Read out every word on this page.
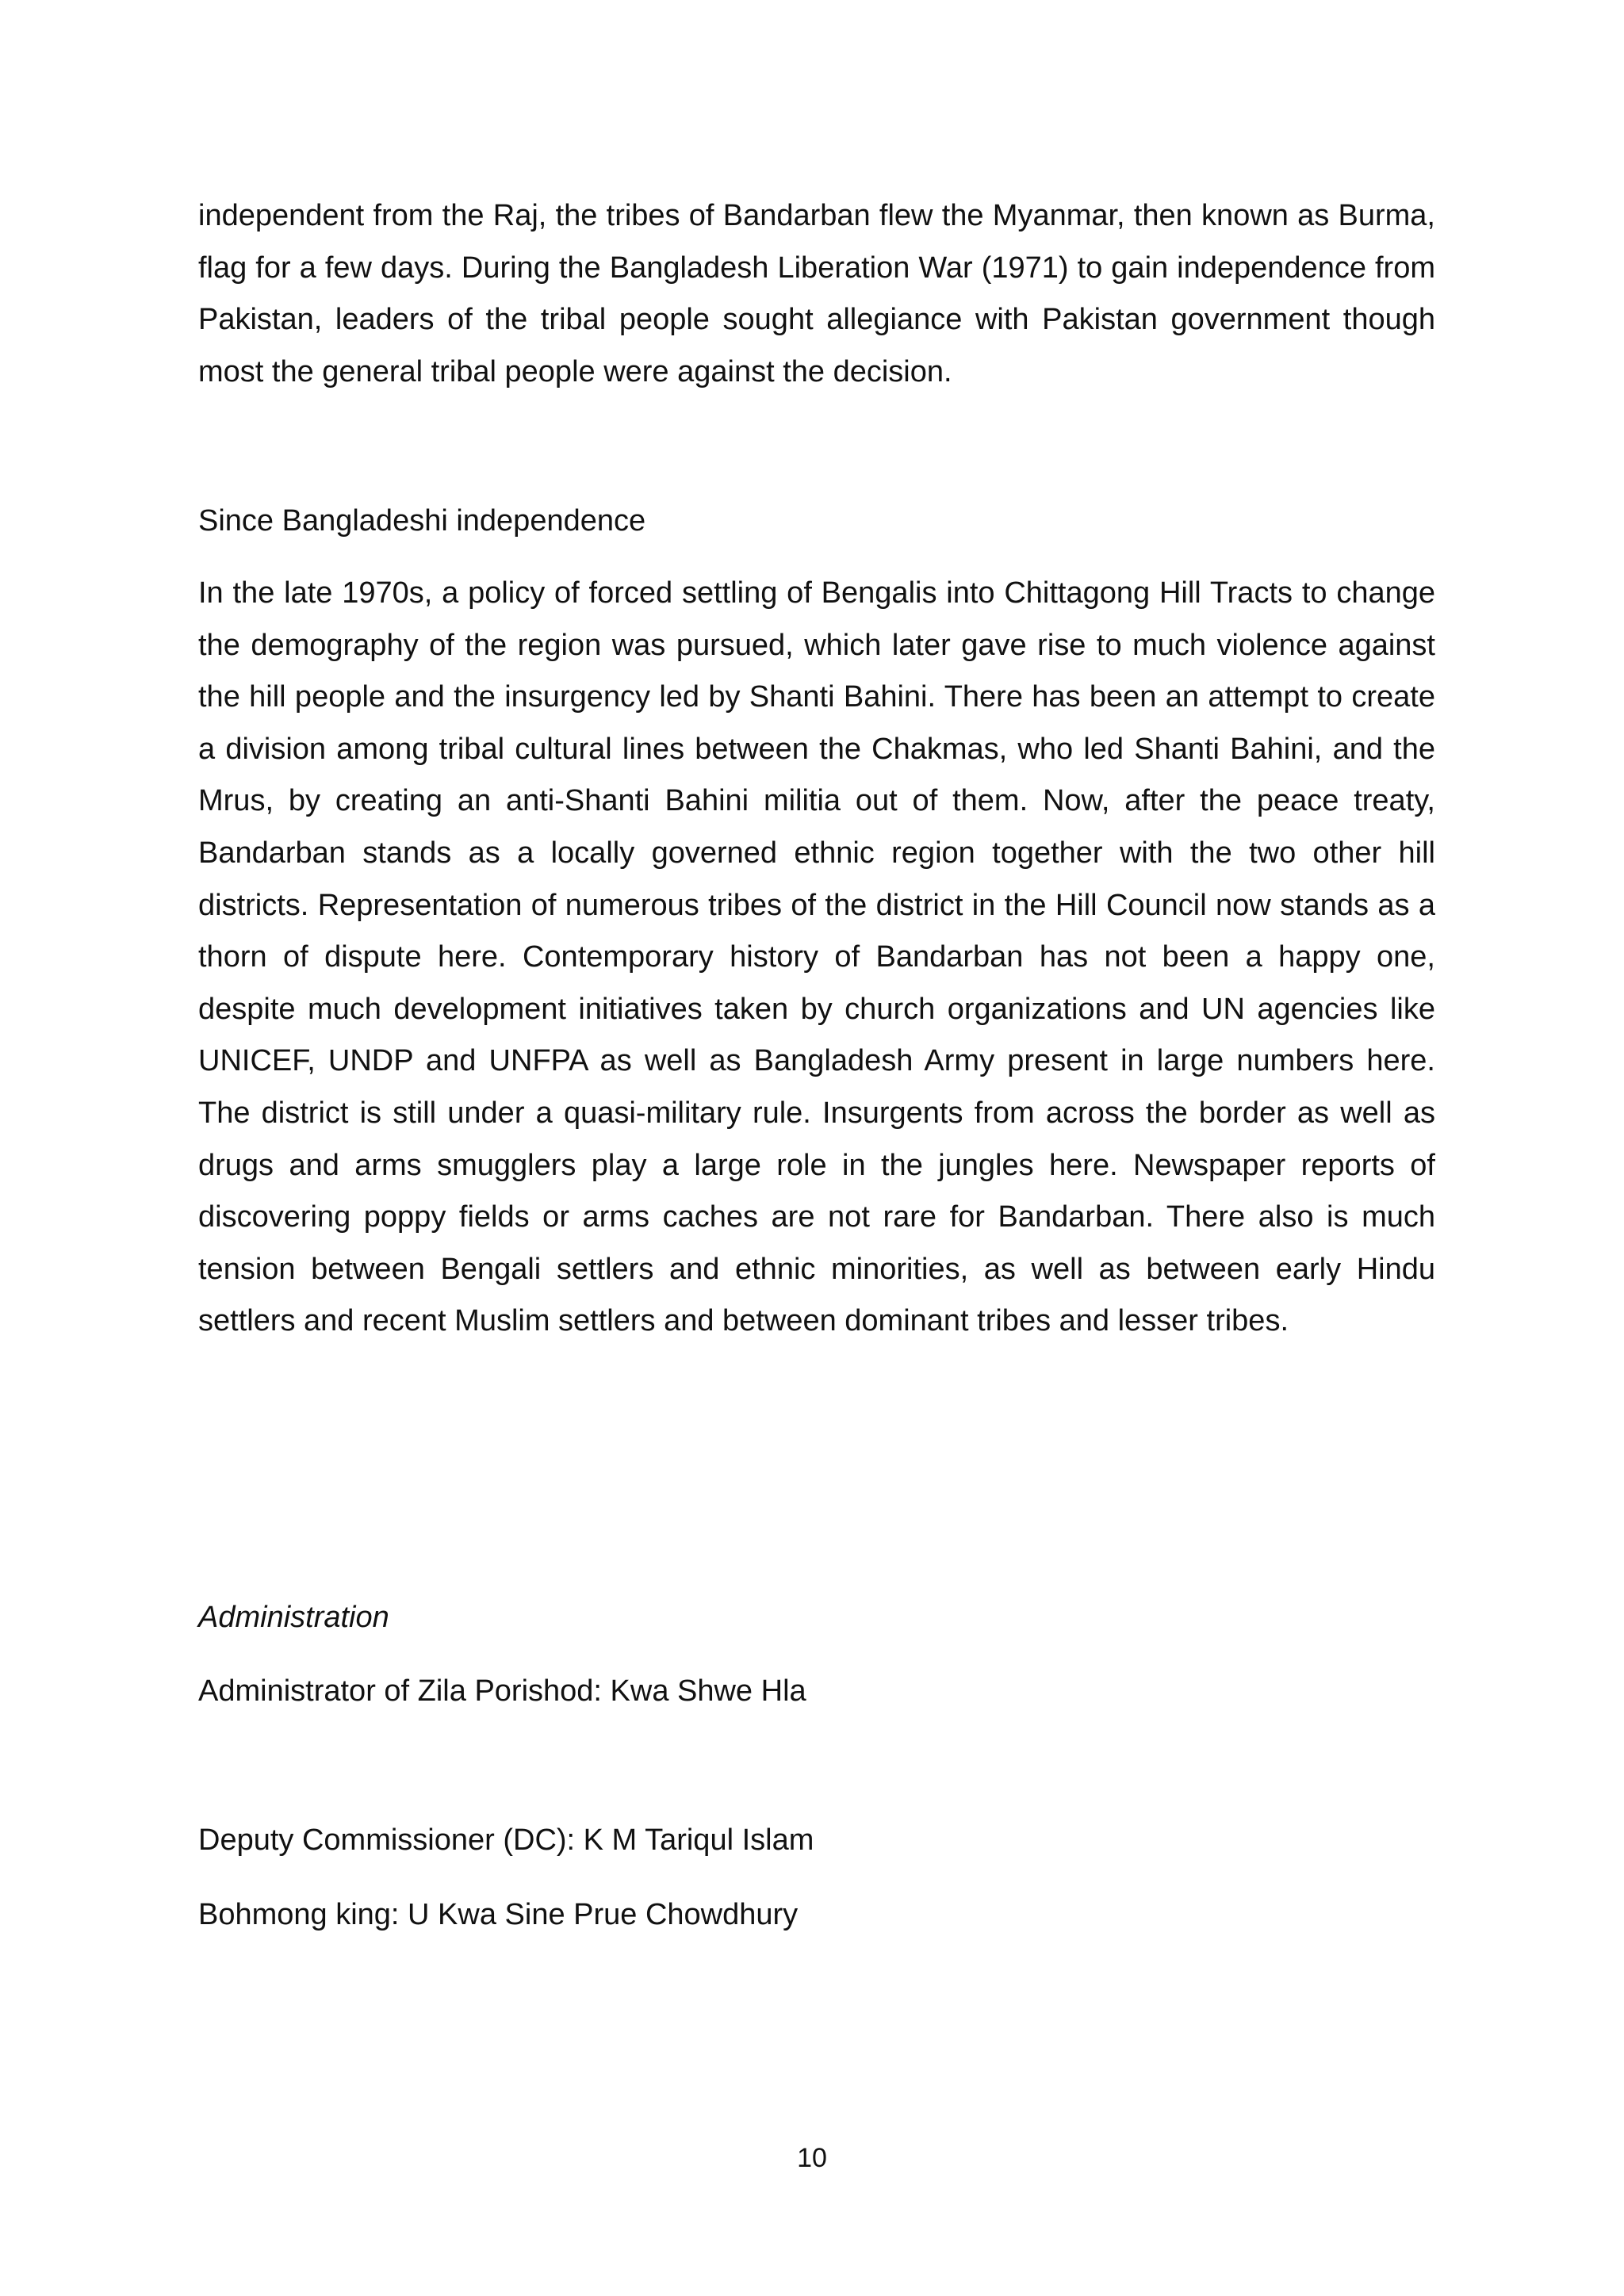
independent from the Raj, the tribes of Bandarban flew the Myanmar, then known as Burma, flag for a few days. During the Bangladesh Liberation War (1971) to gain independence from Pakistan, leaders of the tribal people sought allegiance with Pakistan government though most the general tribal people were against the decision.

Since Bangladeshi independence

In the late 1970s, a policy of forced settling of Bengalis into Chittagong Hill Tracts to change the demography of the region was pursued, which later gave rise to much violence against the hill people and the insurgency led by Shanti Bahini. There has been an attempt to create a division among tribal cultural lines between the Chakmas, who led Shanti Bahini, and the Mrus, by creating an anti-Shanti Bahini militia out of them. Now, after the peace treaty, Bandarban stands as a locally governed ethnic region together with the two other hill districts. Representation of numerous tribes of the district in the Hill Council now stands as a thorn of dispute here. Contemporary history of Bandarban has not been a happy one, despite much development initiatives taken by church organizations and UN agencies like UNICEF, UNDP and UNFPA as well as Bangladesh Army present in large numbers here. The district is still under a quasi-military rule. Insurgents from across the border as well as drugs and arms smugglers play a large role in the jungles here. Newspaper reports of discovering poppy fields or arms caches are not rare for Bandarban. There also is much tension between Bengali settlers and ethnic minorities, as well as between early Hindu settlers and recent Muslim settlers and between dominant tribes and lesser tribes.

Administration
Administrator of Zila Porishod: Kwa Shwe Hla
Deputy Commissioner (DC): K M Tariqul Islam
Bohmong king: U Kwa Sine Prue Chowdhury
10
